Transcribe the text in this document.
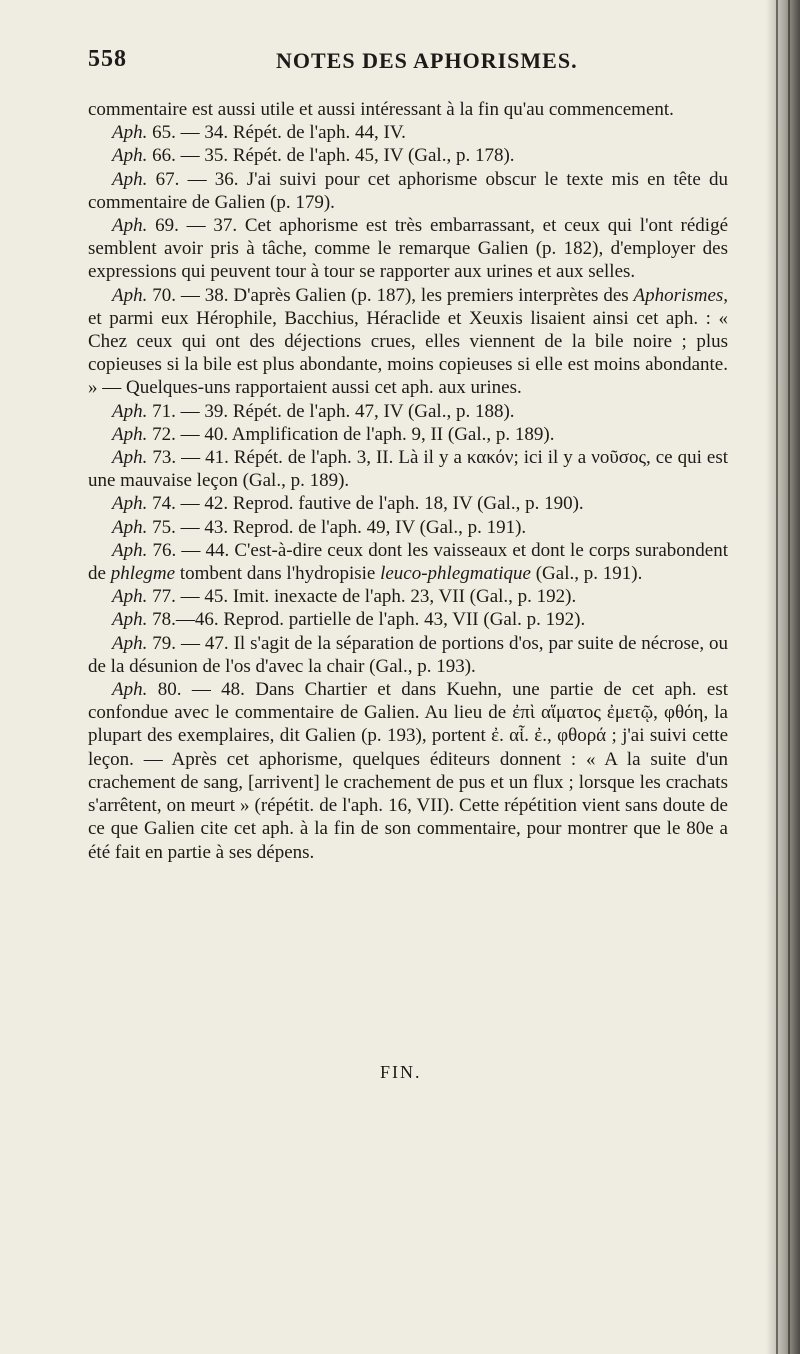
558	NOTES DES APHORISMES.

commentaire est aussi utile et aussi intéressant à la fin qu'au commencement.

Aph. 65. — 34. Répét. de l'aph. 44, IV.

Aph. 66. — 35. Répét. de l'aph. 45, IV (Gal., p. 178).

Aph. 67. — 36. J'ai suivi pour cet aphorisme obscur le texte mis en tête du commentaire de Galien (p. 179).

Aph. 69. — 37. Cet aphorisme est très embarrassant, et ceux qui l'ont rédigé semblent avoir pris à tâche, comme le remarque Galien (p. 182), d'employer des expressions qui peuvent tour à tour se rapporter aux urines et aux selles.

Aph. 70. — 38. D'après Galien (p. 187), les premiers interprètes des Aphorismes, et parmi eux Hérophile, Bacchius, Héraclide et Xeuxis lisaient ainsi cet aph. : « Chez ceux qui ont des déjections crues, elles viennent de la bile noire ; plus copieuses si la bile est plus abondante, moins copieuses si elle est moins abondante. » — Quelques-uns rapportaient aussi cet aph. aux urines.

Aph. 71. — 39. Répét. de l'aph. 47, IV (Gal., p. 188).

Aph. 72. — 40. Amplification de l'aph. 9, II (Gal., p. 189).

Aph. 73. — 41. Répét. de l'aph. 3, II. Là il y a κακόν; ici il y a νοῦσος, ce qui est une mauvaise leçon (Gal., p. 189).

Aph. 74. — 42. Reprod. fautive de l'aph. 18, IV (Gal., p. 190).

Aph. 75. — 43. Reprod. de l'aph. 49, IV (Gal., p. 191).

Aph. 76. — 44. C'est-à-dire ceux dont les vaisseaux et dont le corps surabondent de phlegme tombent dans l'hydropisie leuco-phlegmatique (Gal., p. 191).

Aph. 77. — 45. Imit. inexacte de l'aph. 23, VII (Gal., p. 192).

Aph. 78.—46. Reprod. partielle de l'aph. 43, VII (Gal. p. 192).

Aph. 79. — 47. Il s'agit de la séparation de portions d'os, par suite de nécrose, ou de la désunion de l'os d'avec la chair (Gal., p. 193).

Aph. 80. — 48. Dans Chartier et dans Kuehn, une partie de cet aph. est confondue avec le commentaire de Galien. Au lieu de ἐπὶ αἵματος ἐμετῷ, φθόη, la plupart des exemplaires, dit Galien (p. 193), portent ἐ. αἷ. ἐ., φθορά ; j'ai suivi cette leçon. — Après cet aphorisme, quelques éditeurs donnent : « A la suite d'un crachement de sang, [arrivent] le crachement de pus et un flux ; lorsque les crachats s'arrêtent, on meurt » (répétit. de l'aph. 16, VII). Cette répétition vient sans doute de ce que Galien cite cet aph. à la fin de son commentaire, pour montrer que le 80e a été fait en partie à ses dépens.

FIN.
